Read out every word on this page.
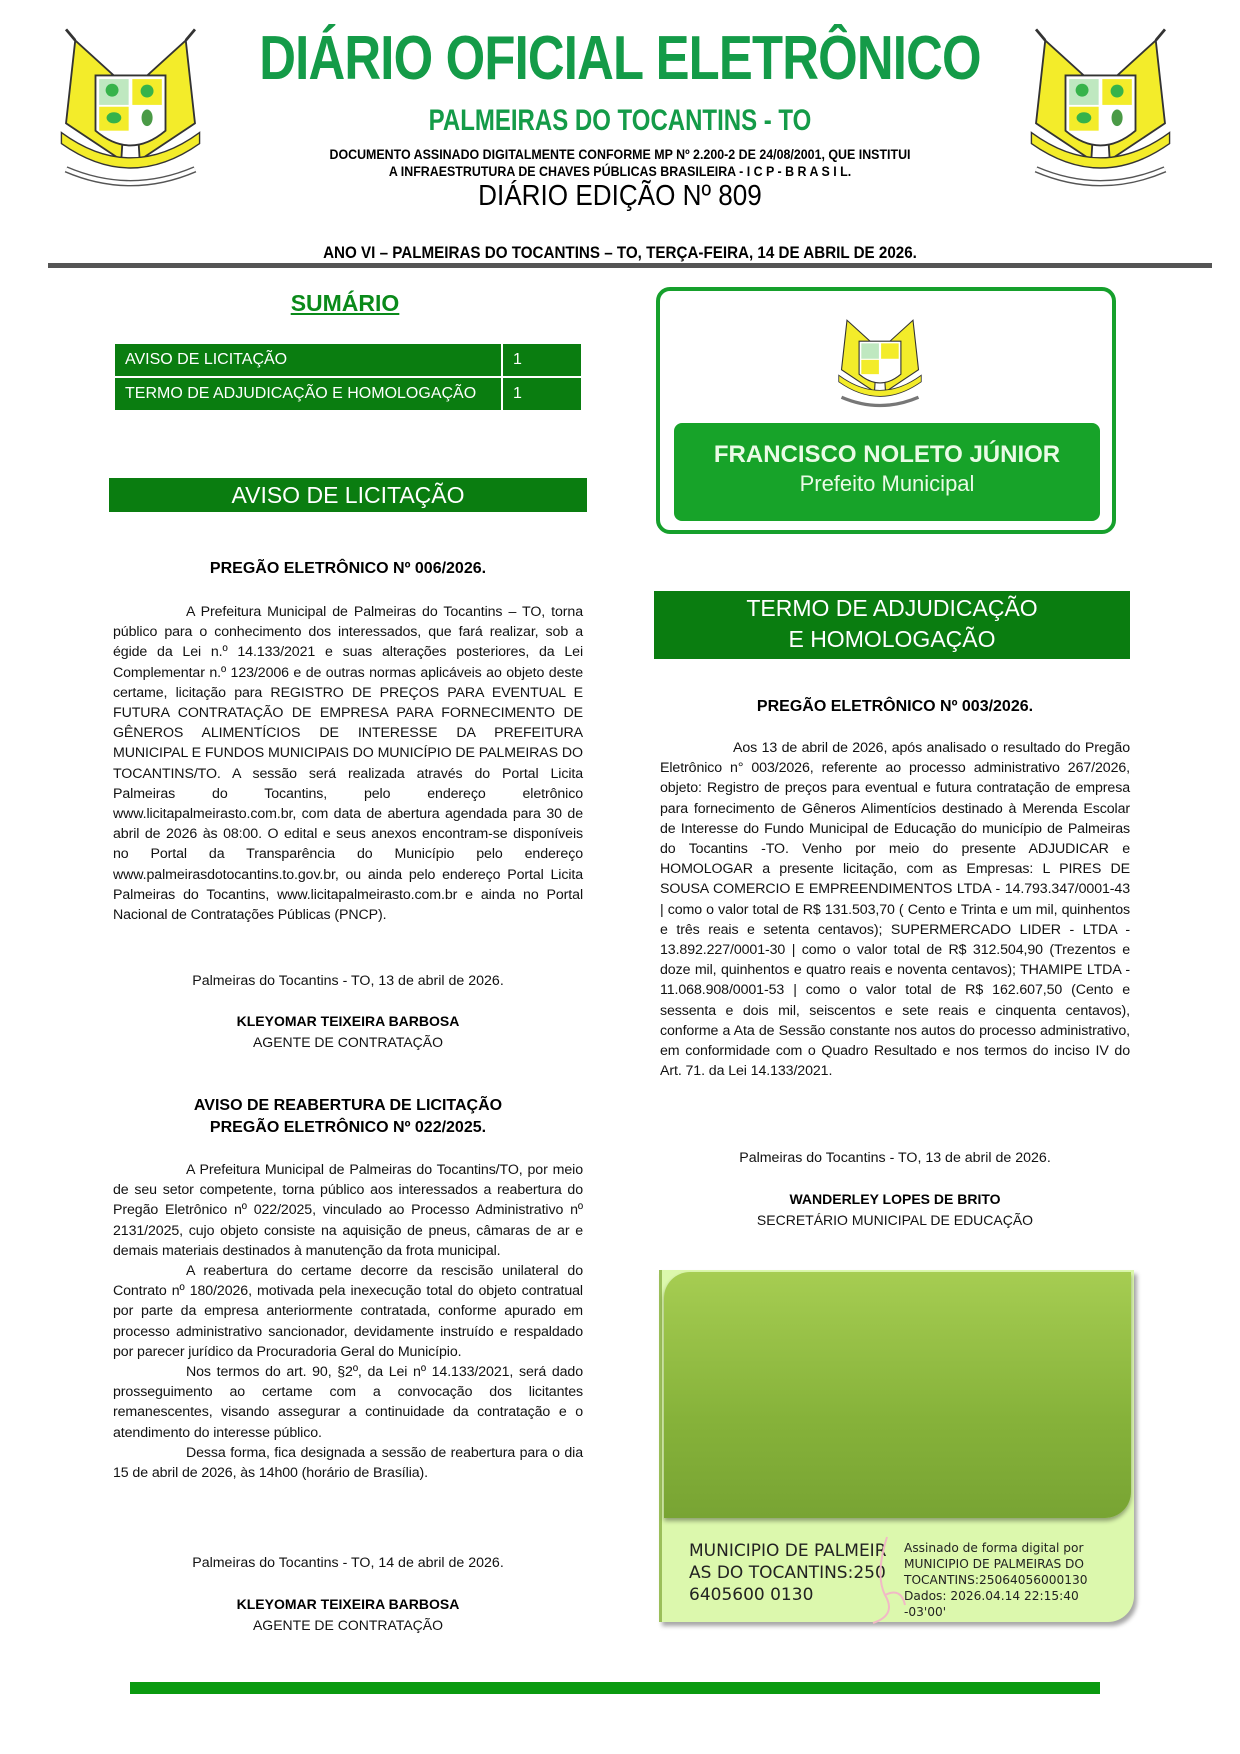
DIÁRIO OFICIAL ELETRÔNICO
PALMEIRAS DO TOCANTINS - TO
DOCUMENTO ASSINADO DIGITALMENTE CONFORME MP Nº 2.200-2 DE 24/08/2001, QUE INSTITUI
A INFRAESTRUTURA DE CHAVES PÚBLICAS BRASILEIRA - I C P - B R A S I L.
DIÁRIO EDIÇÃO Nº 809
ANO VI – PALMEIRAS DO TOCANTINS – TO, TERÇA-FEIRA, 14 DE ABRIL DE 2026.
SUMÁRIO
AVISO DE LICITAÇÃO	1
TERMO DE ADJUDICAÇÃO E HOMOLOGAÇÃO	1
FRANCISCO NOLETO JÚNIOR
Prefeito Municipal
AVISO DE LICITAÇÃO
PREGÃO ELETRÔNICO Nº 006/2026.
A Prefeitura Municipal de Palmeiras do Tocantins – TO, torna público para o conhecimento dos interessados, que fará realizar, sob a égide da Lei n.º 14.133/2021 e suas alterações posteriores, da Lei Complementar n.º 123/2006 e de outras normas aplicáveis ao objeto deste certame, licitação para REGISTRO DE PREÇOS PARA EVENTUAL E FUTURA CONTRATAÇÃO DE EMPRESA PARA FORNECIMENTO DE GÊNEROS ALIMENTÍCIOS DE INTERESSE DA PREFEITURA MUNICIPAL E FUNDOS MUNICIPAIS DO MUNICÍPIO DE PALMEIRAS DO TOCANTINS/TO. A sessão será realizada através do Portal Licita Palmeiras do Tocantins, pelo endereço eletrônico www.licitapalmeirasto.com.br, com data de abertura agendada para 30 de abril de 2026 às 08:00. O edital e seus anexos encontram-se disponíveis no Portal da Transparência do Município pelo endereço www.palmeirasdotocantins.to.gov.br, ou ainda pelo endereço Portal Licita Palmeiras do Tocantins, www.licitapalmeirasto.com.br e ainda no Portal Nacional de Contratações Públicas (PNCP).
Palmeiras do Tocantins - TO, 13 de abril de 2026.
KLEYOMAR TEIXEIRA BARBOSA
AGENTE DE CONTRATAÇÃO
AVISO DE REABERTURA DE LICITAÇÃO
PREGÃO ELETRÔNICO Nº 022/2025.
A Prefeitura Municipal de Palmeiras do Tocantins/TO, por meio de seu setor competente, torna público aos interessados a reabertura do Pregão Eletrônico nº 022/2025, vinculado ao Processo Administrativo nº 2131/2025, cujo objeto consiste na aquisição de pneus, câmaras de ar e demais materiais destinados à manutenção da frota municipal.
A reabertura do certame decorre da rescisão unilateral do Contrato nº 180/2026, motivada pela inexecução total do objeto contratual por parte da empresa anteriormente contratada, conforme apurado em processo administrativo sancionador, devidamente instruído e respaldado por parecer jurídico da Procuradoria Geral do Município.
Nos termos do art. 90, §2º, da Lei nº 14.133/2021, será dado prosseguimento ao certame com a convocação dos licitantes remanescentes, visando assegurar a continuidade da contratação e o atendimento do interesse público.
Dessa forma, fica designada a sessão de reabertura para o dia 15 de abril de 2026, às 14h00 (horário de Brasília).
Palmeiras do Tocantins - TO, 14 de abril de 2026.
KLEYOMAR TEIXEIRA BARBOSA
AGENTE DE CONTRATAÇÃO
TERMO DE ADJUDICAÇÃO
E HOMOLOGAÇÃO
PREGÃO ELETRÔNICO Nº 003/2026.
Aos 13 de abril de 2026, após analisado o resultado do Pregão Eletrônico n° 003/2026, referente ao processo administrativo 267/2026, objeto: Registro de preços para eventual e futura contratação de empresa para fornecimento de Gêneros Alimentícios destinado à Merenda Escolar de Interesse do Fundo Municipal de Educação do município de Palmeiras do Tocantins -TO. Venho por meio do presente ADJUDICAR e HOMOLOGAR a presente licitação, com as Empresas: L PIRES DE SOUSA COMERCIO E EMPREENDIMENTOS LTDA - 14.793.347/0001-43 | como o valor total de R$ 131.503,70 ( Cento e Trinta e um mil, quinhentos e três reais e setenta centavos); SUPERMERCADO LIDER - LTDA - 13.892.227/0001-30 | como o valor total de R$ 312.504,90 (Trezentos e doze mil, quinhentos e quatro reais e noventa centavos); THAMIPE LTDA - 11.068.908/0001-53 | como o valor total de R$ 162.607,50 (Cento e sessenta e dois mil, seiscentos e sete reais e cinquenta centavos), conforme a Ata de Sessão constante nos autos do processo administrativo, em conformidade com o Quadro Resultado e nos termos do inciso IV do Art. 71. da Lei 14.133/2021.
Palmeiras do Tocantins - TO, 13 de abril de 2026.
WANDERLEY LOPES DE BRITO
SECRETÁRIO MUNICIPAL DE EDUCAÇÃO
MUNICIPIO DE PALMEIRAS DO TOCANTINS:2506405600 0130
Assinado de forma digital por
MUNICIPIO DE PALMEIRAS DO
TOCANTINS:25064056000130
Dados: 2026.04.14 22:15:40
-03'00'
